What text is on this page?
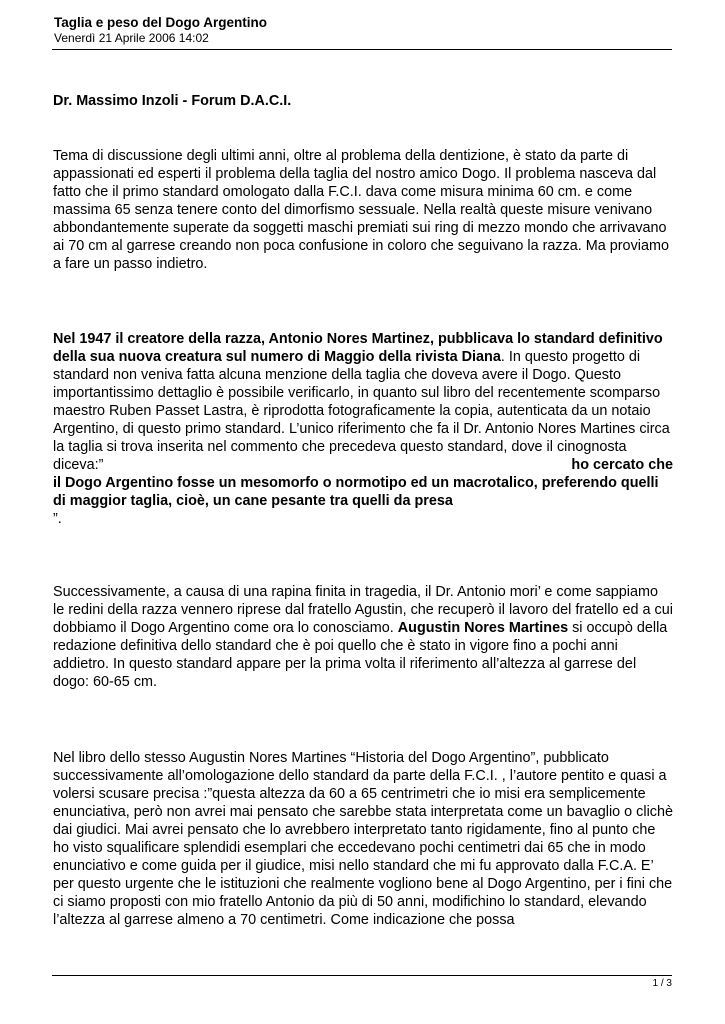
Taglia e peso del Dogo Argentino
Venerdì 21 Aprile 2006 14:02

Dr. Massimo Inzoli - Forum D.A.C.I.

Tema di discussione degli ultimi anni, oltre al problema della dentizione, è stato da parte di appassionati ed esperti il problema della taglia del nostro amico Dogo. Il problema nasceva dal fatto che il primo standard omologato dalla F.C.I. dava come misura minima 60 cm. e come massima 65 senza tenere conto del dimorfismo sessuale. Nella realtà queste misure venivano abbondantemente superate da soggetti maschi premiati sui ring di mezzo mondo che arrivavano ai 70 cm al garrese creando non poca confusione in coloro che seguivano la razza. Ma proviamo a fare un passo indietro.

Nel 1947 il creatore della razza, Antonio Nores Martinez, pubblicava lo standard definitivo della sua nuova creatura sul numero di Maggio della rivista Diana. In questo progetto di standard non veniva fatta alcuna menzione della taglia che doveva avere il Dogo. Questo importantissimo dettaglio è possibile verificarlo, in quanto sul libro del recentemente scomparso maestro Ruben Passet Lastra, è riprodotta fotograficamente la copia, autenticata da un notaio Argentino, di questo primo standard. L’unico riferimento che fa il Dr. Antonio Nores Martines circa la taglia si trova inserita nel commento che precedeva questo standard, dove il cinognosta diceva:”	ho cercato che

il Dogo Argentino fosse un mesomorfo o normotipo ed un macrotalico, preferendo quelli di maggior taglia, cioè, un cane pesante tra quelli da presa
”.
Successivamente, a causa di una rapina finita in tragedia, il Dr. Antonio mori’ e come sappiamo le redini della razza vennero riprese dal fratello Agustin, che recuperò il lavoro del fratello ed a cui dobbiamo il Dogo Argentino come ora lo conosciamo. Augustin Nores Martines si occupò della redazione definitiva dello standard che è poi quello che è stato in vigore fino a pochi anni addietro. In questo standard appare per la prima volta il riferimento all’altezza al garrese del dogo: 60-65 cm.

Nel libro dello stesso Augustin Nores Martines “Historia del Dogo Argentino”, pubblicato successivamente all’omologazione dello standard da parte della F.C.I. , l’autore pentito e quasi a volersi scusare precisa :”questa altezza da 60 a 65 centrimetri che io misi era semplicemente enunciativa, però non avrei mai pensato che sarebbe stata interpretata come un bavaglio o clichè dai giudici. Mai avrei pensato che lo avrebbero interpretato tanto rigidamente, fino al punto che ho visto squalificare splendidi esemplari che eccedevano pochi centimetri dai 65 che in modo enunciativo e come guida per il giudice, misi nello standard che mi fu approvato dalla F.C.A. E’ per questo urgente che le istituzioni che realmente vogliono bene al Dogo Argentino, per i fini che ci siamo proposti con mio fratello Antonio da più di 50 anni, modifichino lo standard, elevando l’altezza al garrese almeno a 70 centimetri. Come indicazione che possa

1 / 3
